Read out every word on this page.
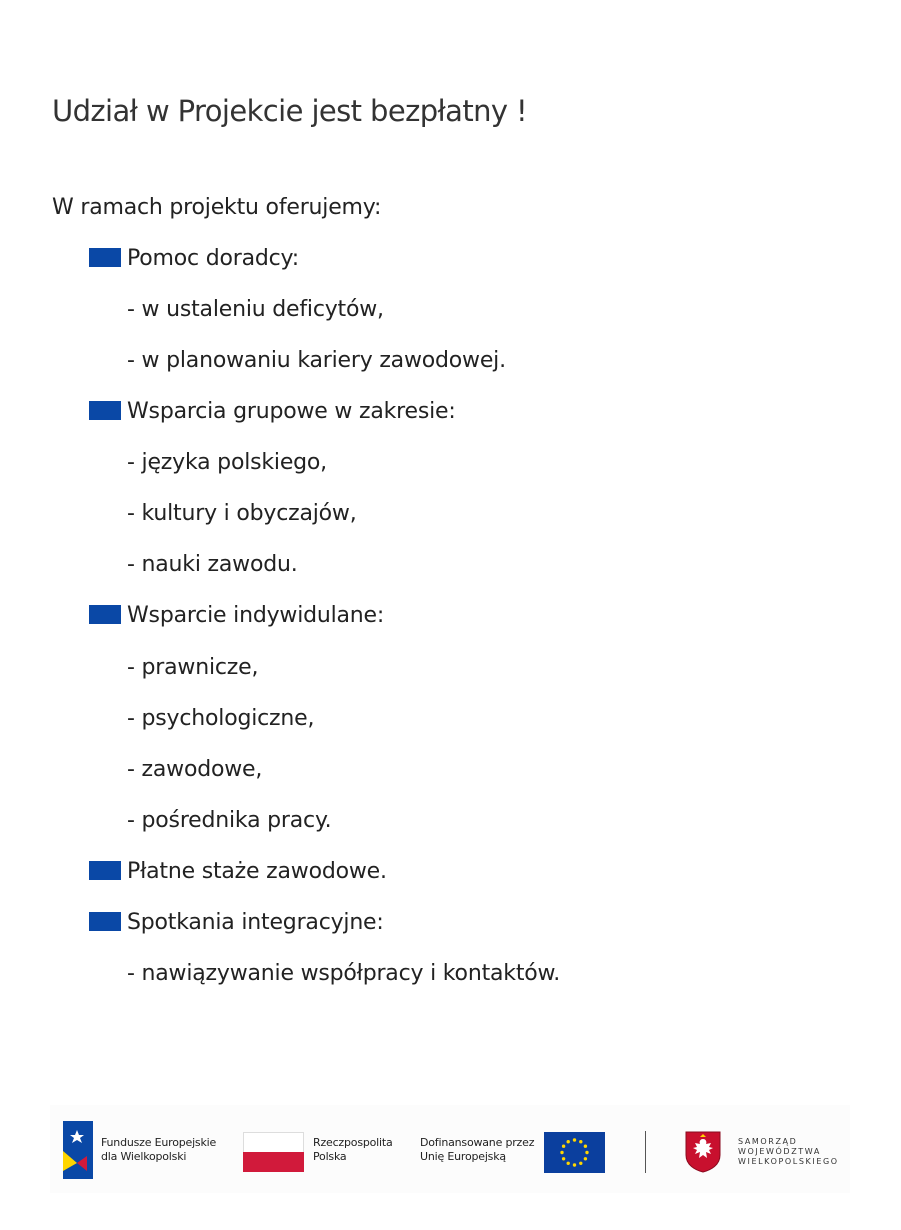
Udział w Projekcie jest bezpłatny !

W ramach projektu oferujemy:

Pomoc doradcy:
- w ustaleniu deficytów,
- w planowaniu kariery zawodowej.
Wsparcia grupowe w zakresie:
- języka polskiego,
- kultury i obyczajów,
- nauki zawodu.
Wsparcie indywidulane:
- prawnicze,
- psychologiczne,
- zawodowe,
- pośrednika pracy.
Płatne staże zawodowe.
Spotkania integracyjne:
- nawiązywanie współpracy i kontaktów.
Fundusze Europejskie
dla Wielkopolski
Rzeczpospolita
Polska
Dofinansowane przez
Unię Europejską
SAMORZĄD
WOJEWÓDZTWA
WIELKOPOLSKIEGO
